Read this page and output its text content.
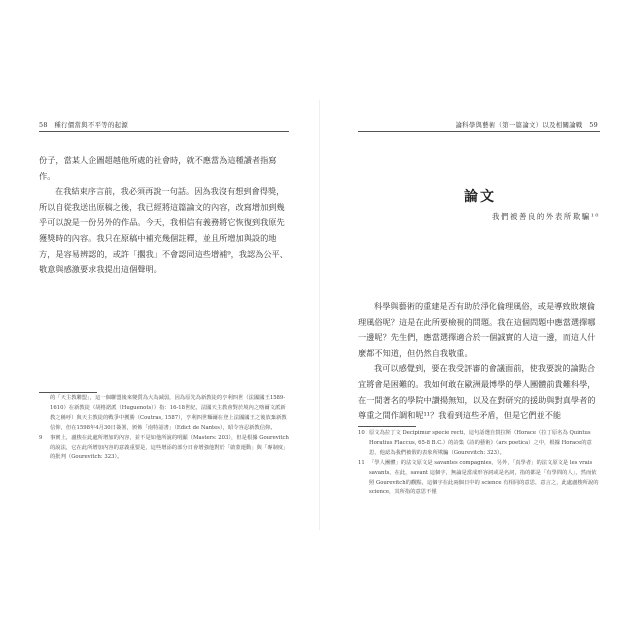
58　種行價當與不平等的起源

份子，當某人企圖超越他所處的社會時，就不應當為這種讀者指寫作。

在我結束序言前，我必須再說一句話。因為我沒有想到會得獎，所以自從我送出原稿之後，我已經將這篇論文的內容，改寫增加到幾乎可以說是一份另外的作品。今天，我相信有義務將它恢復到我原先獲獎時的內容。我只在原稿中補充幾個註釋，並且所增加與設的地方，是容易辨認的，或許「擱我」不會認同這些增補⁹，我認為公平、敬意與感激要求我提出這個聲明。

的「天主教聯盟」，這一個聯盟後來變質為大為減弱，因為原先為新教徒的亨利四世（法國國王1589-1610）在新教徒（胡格諾派（Huguenots））指：16-18世紀，法國天主教會對於境內之喀爾文派新教之稱呼）與天主教徒的戰爭中獲勝（Coutras, 1587），亨利四世麵爾在登上法國國王之後放棄新教信仰，但在1598年4月30日簽署，頒佈「南特詔書」（Edict de Nantes），昭令容忍新教信仰。

9	事實上，盧梭在此處所增加的內容，並不是如他所說的明顯（Masters: 203），但是根據 Gourevitch 的說法，它在此所增加內容的意義重要是，這些增添的部分日會增強他對於「啟蒙運動」與「專制度」的批判（Gourevitch: 323）。
論科學與藝術（第一篇論文）以及相關論戰　59
論文
我們被善良的外表所欺騙¹⁰

科學與藝術的重建是否有助於淨化倫理風俗，或是導致敗壞倫理風俗呢？這是在此所要檢視的問題。我在這個問題中應當選擇哪一邊呢？先生們，應當選擇適合於一個誠實的人這一邊，而這人什麼都不知道，但仍然自我敬重。

我可以感覺到，要在我受評審的會議面前，使我要說的論點合宜將會是困難的。我如何敢在歐洲最博學的學人團體前貴難科學，在一間著名的學院中讚揚無知，以及在對研究的援助與對真學者的尊重之間作調和呢¹¹？我看到這些矛盾，但是它們並不能

10 原文為拉丁文 Decipimur specie recti，這句話選自賀拉斯（Horace（拉丁原名為 Quintus Horatius Flaccus, 65-8 B.C.）的詩集《詩的藝術》（ars poetica）之中，根據 Horace的意思，他認為我們被假的表象所欺騙（Gourevitch: 323）。
11 「學人團體」的法文原文是 savantes compagnies，另外，「真學者」的法文原文是 les vrais savants，在此，savant 這個字，無論是當成形容詞或是名詞，指的都是「有學問的人」，然而依照 Gourevitch的觀點，這個字在此兩個日中的 science 有相同的意思，意言之，此處盧梭所說的 science，其所指的意思不僅
